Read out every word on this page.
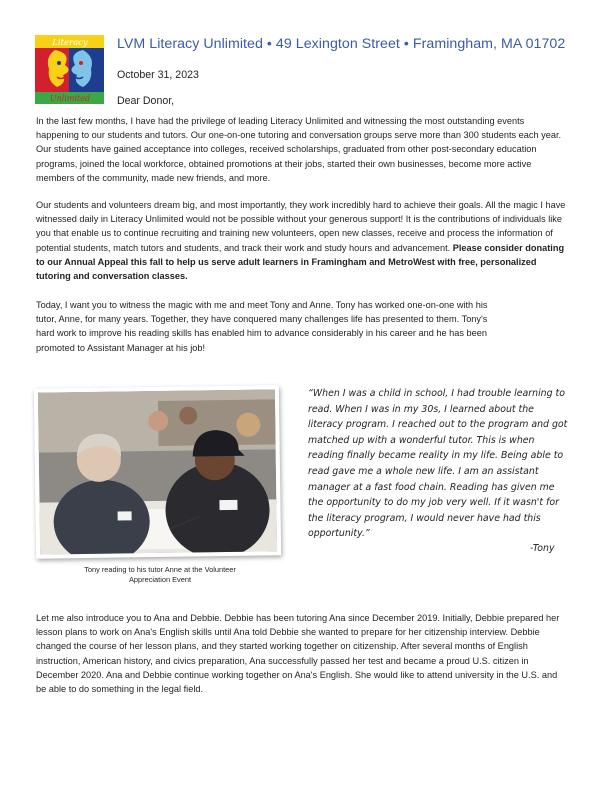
Literacy
Unlimited
LVM Literacy Unlimited • 49 Lexington Street • Framingham, MA 01702
October 31, 2023
Dear Donor,

In the last few months, I have had the privilege of leading Literacy Unlimited and witnessing the most outstanding events happening to our students and tutors. Our one-on-one tutoring and conversation groups serve more than 300 students each year. Our students have gained acceptance into colleges, received scholarships, graduated from other post-secondary education programs, joined the local workforce, obtained promotions at their jobs, started their own businesses, become more active members of the community, made new friends, and more.

Our students and volunteers dream big, and most importantly, they work incredibly hard to achieve their goals. All the magic I have witnessed daily in Literacy Unlimited would not be possible without your generous support! It is the contributions of individuals like you that enable us to continue recruiting and training new volunteers, open new classes, receive and process the information of potential students, match tutors and students, and track their work and study hours and advancement. Please consider donating to our Annual Appeal this fall to help us serve adult learners in Framingham and MetroWest with free, personalized tutoring and conversation classes.

Today, I want you to witness the magic with me and meet Tony and Anne. Tony has worked one-on-one with his tutor, Anne, for many years. Together, they have conquered many challenges life has presented to them. Tony's hard work to improve his reading skills has enabled him to advance considerably in his career and he has been promoted to Assistant Manager at his job!

Tony reading to his tutor Anne at the Volunteer Appreciation Event

“When I was a child in school, I had trouble learning to read. When I was in my 30s, I learned about the literacy program. I reached out to the program and got matched up with a wonderful tutor. This is when reading finally became reality in my life. Being able to read gave me a whole new life. I am an assistant manager at a fast food chain. Reading has given me the opportunity to do my job very well. If it wasn't for the literacy program, I would never have had this opportunity.”

-Tony

Let me also introduce you to Ana and Debbie. Debbie has been tutoring Ana since December 2019. Initially, Debbie prepared her lesson plans to work on Ana's English skills until Ana told Debbie she wanted to prepare for her citizenship interview. Debbie changed the course of her lesson plans, and they started working together on citizenship. After several months of English instruction, American history, and civics preparation, Ana successfully passed her test and became a proud U.S. citizen in December 2020. Ana and Debbie continue working together on Ana's English. She would like to attend university in the U.S. and be able to do something in the legal field.
